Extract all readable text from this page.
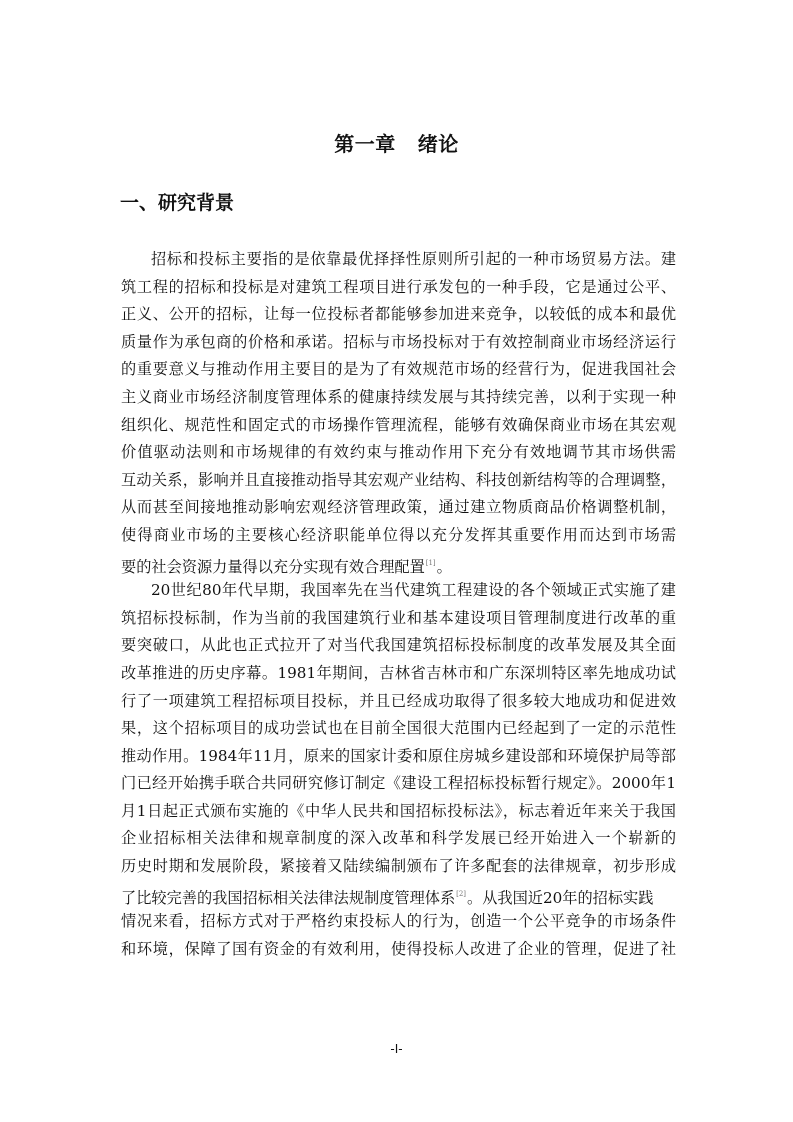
第一章 绪论
一、研究背景
招标和投标主要指的是依靠最优择择性原则所引起的一种市场贸易方法。建
筑工程的招标和投标是对建筑工程项目进行承发包的一种手段，它是通过公平、
正义、公开的招标，让每一位投标者都能够参加进来竞争，以较低的成本和最优
质量作为承包商的价格和承诺。招标与市场投标对于有效控制商业市场经济运行
的重要意义与推动作用主要目的是为了有效规范市场的经营行为，促进我国社会
主义商业市场经济制度管理体系的健康持续发展与其持续完善，以利于实现一种
组织化、规范性和固定式的市场操作管理流程，能够有效确保商业市场在其宏观
价值驱动法则和市场规律的有效约束与推动作用下充分有效地调节其市场供需
互动关系，影响并且直接推动指导其宏观产业结构、科技创新结构等的合理调整，
从而甚至间接地推动影响宏观经济管理政策，通过建立物质商品价格调整机制，
使得商业市场的主要核心经济职能单位得以充分发挥其重要作用而达到市场需
要的社会资源力量得以充分实现有效合理配置[1]。
20世纪80年代早期，我国率先在当代建筑工程建设的各个领域正式实施了建
筑招标投标制，作为当前的我国建筑行业和基本建设项目管理制度进行改革的重
要突破口，从此也正式拉开了对当代我国建筑招标投标制度的改革发展及其全面
改革推进的历史序幕。1981年期间，吉林省吉林市和广东深圳特区率先地成功试
行了一项建筑工程招标项目投标，并且已经成功取得了很多较大地成功和促进效
果，这个招标项目的成功尝试也在目前全国很大范围内已经起到了一定的示范性
推动作用。1984年11月，原来的国家计委和原住房城乡建设部和环境保护局等部
门已经开始携手联合共同研究修订制定《建设工程招标投标暂行规定》。2000年1
月1日起正式颁布实施的《中华人民共和国招标投标法》，标志着近年来关于我国
企业招标相关法律和规章制度的深入改革和科学发展已经开始进入一个崭新的
历史时期和发展阶段，紧接着又陆续编制颁布了许多配套的法律规章，初步形成
了比较完善的我国招标相关法律法规制度管理体系[2]。从我国近20年的招标实践
情况来看，招标方式对于严格约束投标人的行为，创造一个公平竞争的市场条件
和环境，保障了国有资金的有效利用，使得投标人改进了企业的管理，促进了社
-I-
